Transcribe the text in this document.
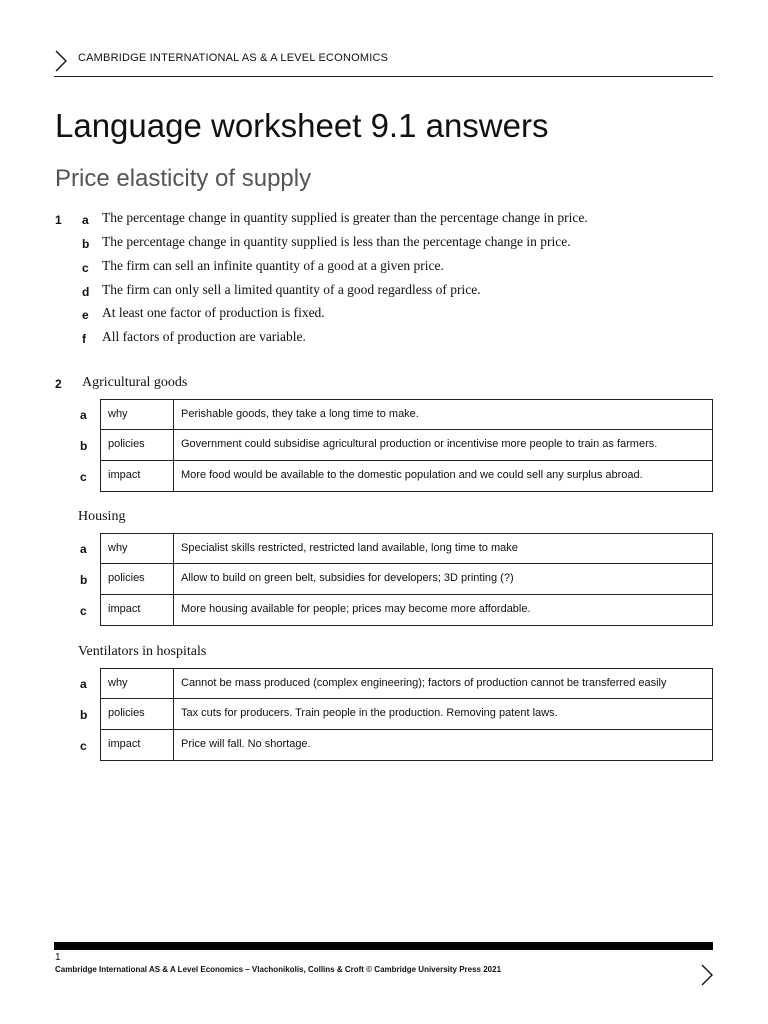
CAMBRIDGE INTERNATIONAL AS & A LEVEL ECONOMICS
Language worksheet 9.1 answers
Price elasticity of supply
1 a The percentage change in quantity supplied is greater than the percentage change in price.
b The percentage change in quantity supplied is less than the percentage change in price.
c The firm can sell an infinite quantity of a good at a given price.
d The firm can only sell a limited quantity of a good regardless of price.
e At least one factor of production is fixed.
f All factors of production are variable.
2 Agricultural goods
a	why	Perishable goods, they take a long time to make.
b	policies	Government could subsidise agricultural production or incentivise more people to train as farmers.
c	impact	More food would be available to the domestic population and we could sell any surplus abroad.
Housing
a	why	Specialist skills restricted, restricted land available, long time to make
b	policies	Allow to build on green belt, subsidies for developers; 3D printing (?)
c	impact	More housing available for people; prices may become more affordable.
Ventilators in hospitals
a	why	Cannot be mass produced (complex engineering); factors of production cannot be transferred easily
b	policies	Tax cuts for producers. Train people in the production. Removing patent laws.
c	impact	Price will fall. No shortage.
1
Cambridge International AS & A Level Economics – Vlachonikolis, Collins & Croft © Cambridge University Press 2021
